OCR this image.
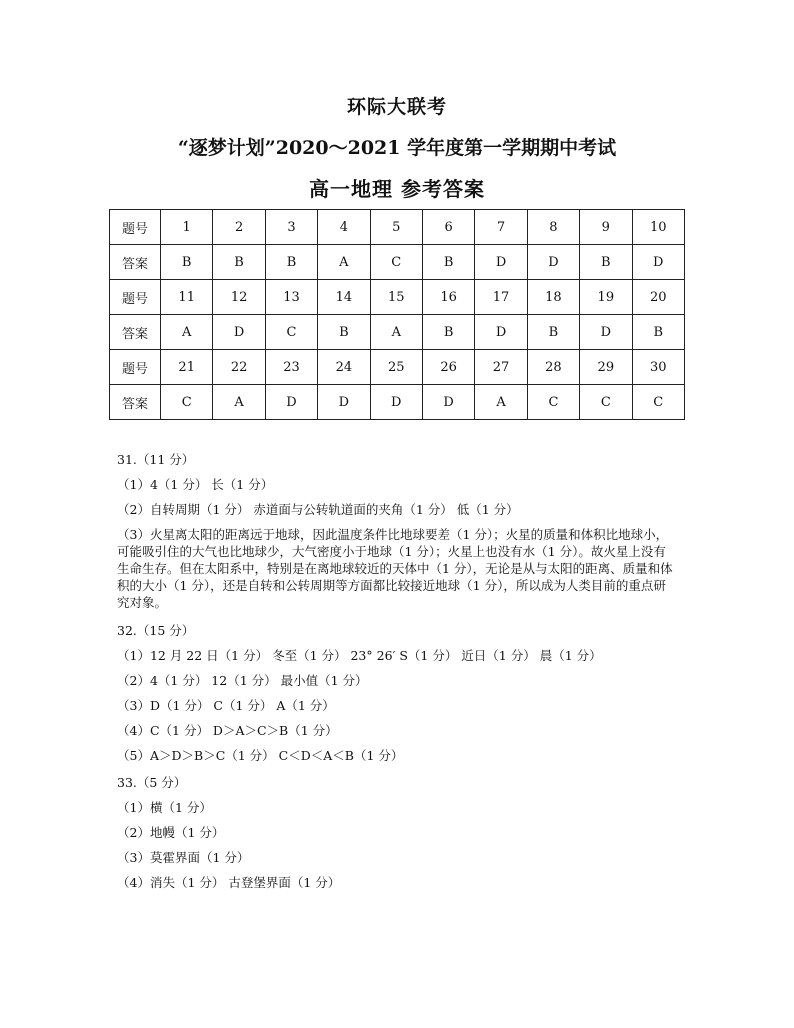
环际大联考
“逐梦计划”2020～2021 学年度第一学期期中考试
高一地理 参考答案
题号	1	2	3	4	5	6	7	8	9	10
答案	B	B	B	A	C	B	D	D	B	D
题号	11	12	13	14	15	16	17	18	19	20
答案	A	D	C	B	A	B	D	B	D	B
题号	21	22	23	24	25	26	27	28	29	30
答案	C	A	D	D	D	D	A	C	C	C

31.（11 分）

（1）4（1 分） 长（1 分）

（2）自转周期（1 分） 赤道面与公转轨道面的夹角（1 分） 低（1 分）

（3）火星离太阳的距离远于地球，因此温度条件比地球要差（1 分）；火星的质量和体积比地球小，可能吸引住的大气也比地球少，大气密度小于地球（1 分）；火星上也没有水（1 分）。故火星上没有生命生存。但在太阳系中，特别是在离地球较近的天体中（1 分），无论是从与太阳的距离、质量和体积的大小（1 分），还是自转和公转周期等方面都比较接近地球（1 分），所以成为人类目前的重点研究对象。

32.（15 分）

（1）12 月 22 日（1 分） 冬至（1 分） 23° 26′ S（1 分） 近日（1 分） 晨（1 分）

（2）4（1 分） 12（1 分） 最小值（1 分）

（3）D（1 分） C（1 分） A（1 分）

（4）C（1 分） D＞A＞C＞B（1 分）

（5）A＞D＞B＞C（1 分） C＜D＜A＜B（1 分）

33.（5 分）

（1）横（1 分）

（2）地幔（1 分）

（3）莫霍界面（1 分）

（4）消失（1 分） 古登堡界面（1 分）
